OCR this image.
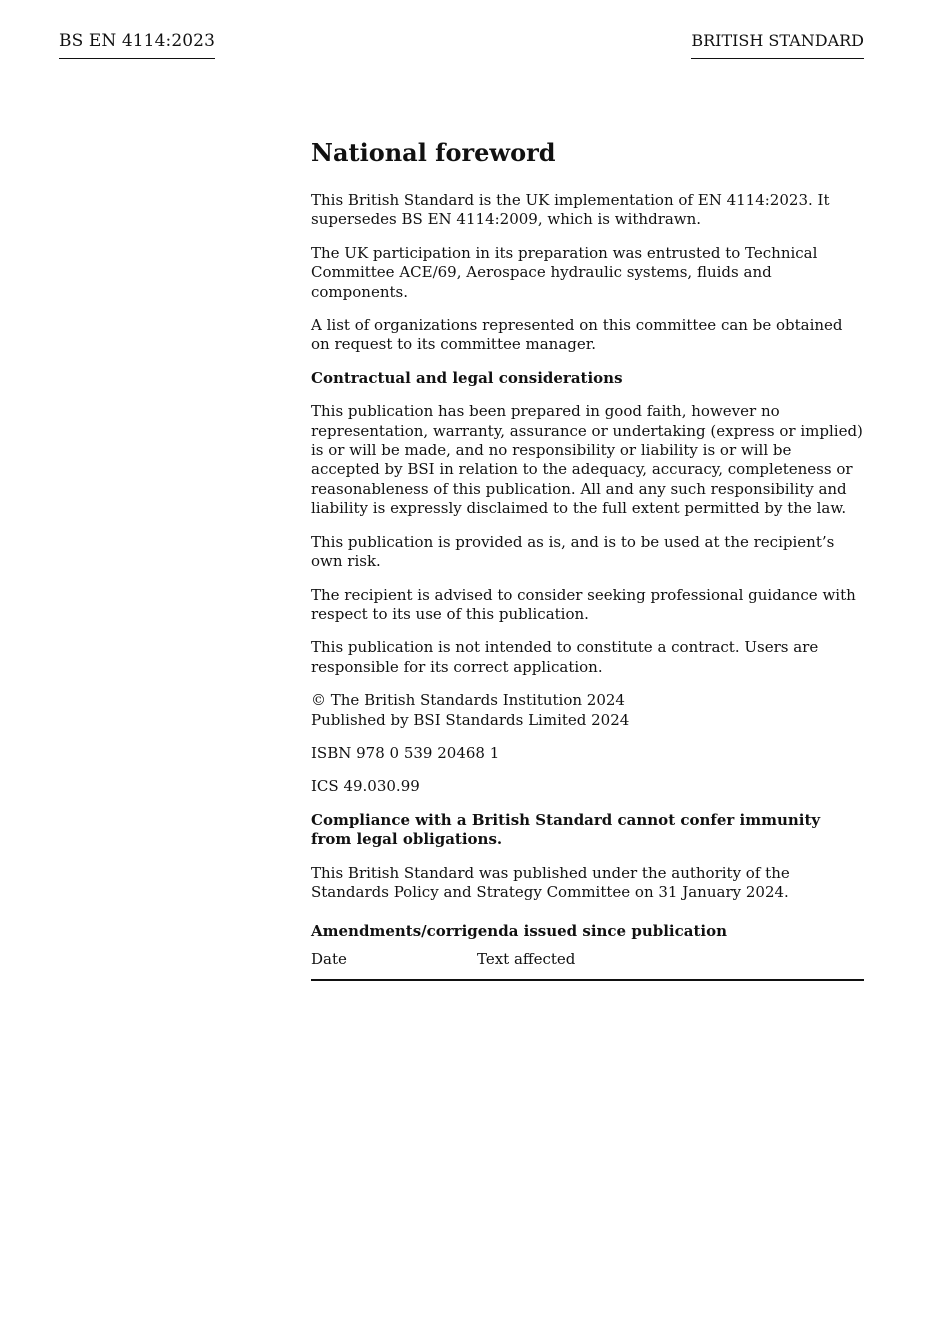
BS EN 4114:2023	BRITISH STANDARD
National foreword

This British Standard is the UK implementation of EN 4114:2023. It supersedes BS EN 4114:2009, which is withdrawn.

The UK participation in its preparation was entrusted to Technical Committee ACE/69, Aerospace hydraulic systems, fluids and components.

A list of organizations represented on this committee can be obtained on request to its committee manager.

Contractual and legal considerations

This publication has been prepared in good faith, however no representation, warranty, assurance or undertaking (express or implied) is or will be made, and no responsibility or liability is or will be accepted by BSI in relation to the adequacy, accuracy, completeness or reasonableness of this publication. All and any such responsibility and liability is expressly disclaimed to the full extent permitted by the law.

This publication is provided as is, and is to be used at the recipient’s own risk.

The recipient is advised to consider seeking professional guidance with respect to its use of this publication.

This publication is not intended to constitute a contract. Users are responsible for its correct application.

© The British Standards Institution 2024
Published by BSI Standards Limited 2024

ISBN 978 0 539 20468 1

ICS 49.030.99

Compliance with a British Standard cannot confer immunity from legal obligations.

This British Standard was published under the authority of the Standards Policy and Strategy Committee on 31 January 2024.

Amendments/corrigenda issued since publication

Date	Text affected
